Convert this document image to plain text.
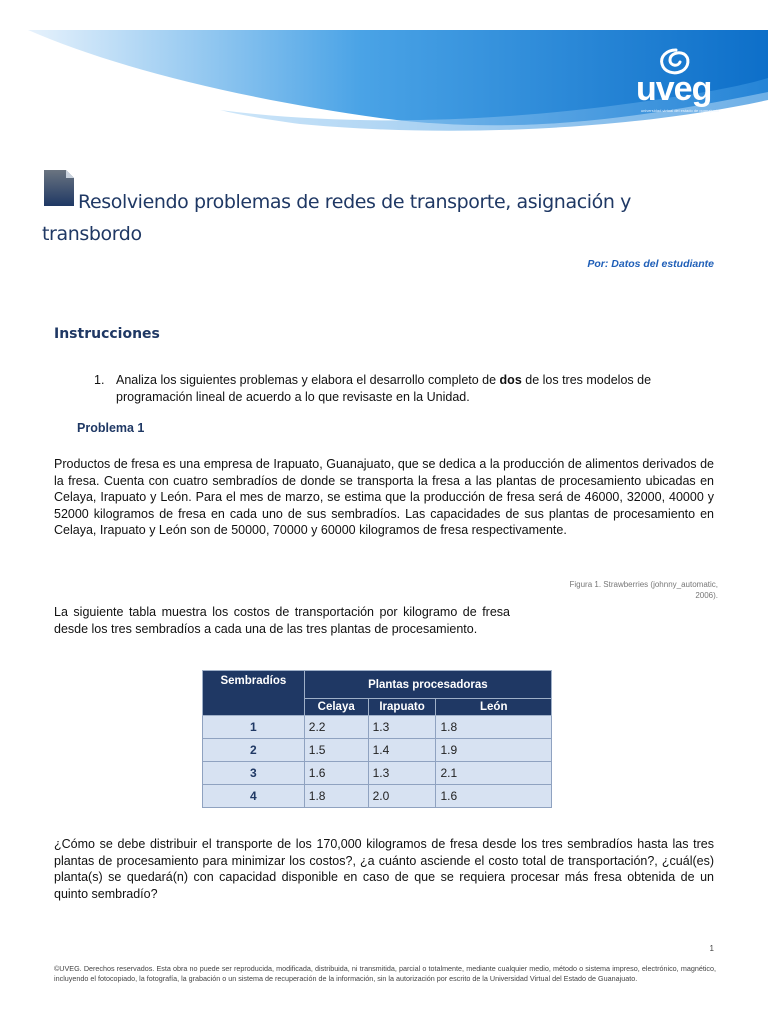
uveg
universidad virtual del estado de guanajuato
Resolviendo problemas de redes de transporte, asignación y
transbordo
Por: Datos del estudiante
Instrucciones
1. Analiza los siguientes problemas y elabora el desarrollo completo de dos de los tres modelos de programación lineal de acuerdo a lo que revisaste en la Unidad.
Problema 1

Productos de fresa es una empresa de Irapuato, Guanajuato, que se dedica a la producción de alimentos derivados de la fresa. Cuenta con cuatro sembradíos de donde se transporta la fresa a las plantas de procesamiento ubicadas en Celaya, Irapuato y León. Para el mes de marzo, se estima que la producción de fresa será de 46000, 32000, 40000 y 52000 kilogramos de fresa en cada uno de sus sembradíos. Las capacidades de sus plantas de procesamiento en Celaya, Irapuato y León son de 50000, 70000 y 60000 kilogramos de fresa respectivamente.

Figura 1. Strawberries (johnny_automatic, 2006).

La siguiente tabla muestra los costos de transportación por kilogramo de fresa desde los tres sembradíos a cada una de las tres plantas de procesamiento.

Sembradíos	Plantas procesadoras		
	Celaya	Irapuato	León
1	2.2	1.3	1.8
2	1.5	1.4	1.9
3	1.6	1.3	2.1
4	1.8	2.0	1.6

¿Cómo se debe distribuir el transporte de los 170,000 kilogramos de fresa desde los tres sembradíos hasta las tres plantas de procesamiento para minimizar los costos?, ¿a cuánto asciende el costo total de transportación?, ¿cuál(es) planta(s) se quedará(n) con capacidad disponible en caso de que se requiera procesar más fresa obtenida de un quinto sembradío?

1

©UVEG. Derechos reservados. Esta obra no puede ser reproducida, modificada, distribuida, ni transmitida, parcial o totalmente, mediante cualquier medio, método o sistema impreso, electrónico, magnético, incluyendo el fotocopiado, la fotografía, la grabación o un sistema de recuperación de la información, sin la autorización por escrito de la Universidad Virtual del Estado de Guanajuato.
